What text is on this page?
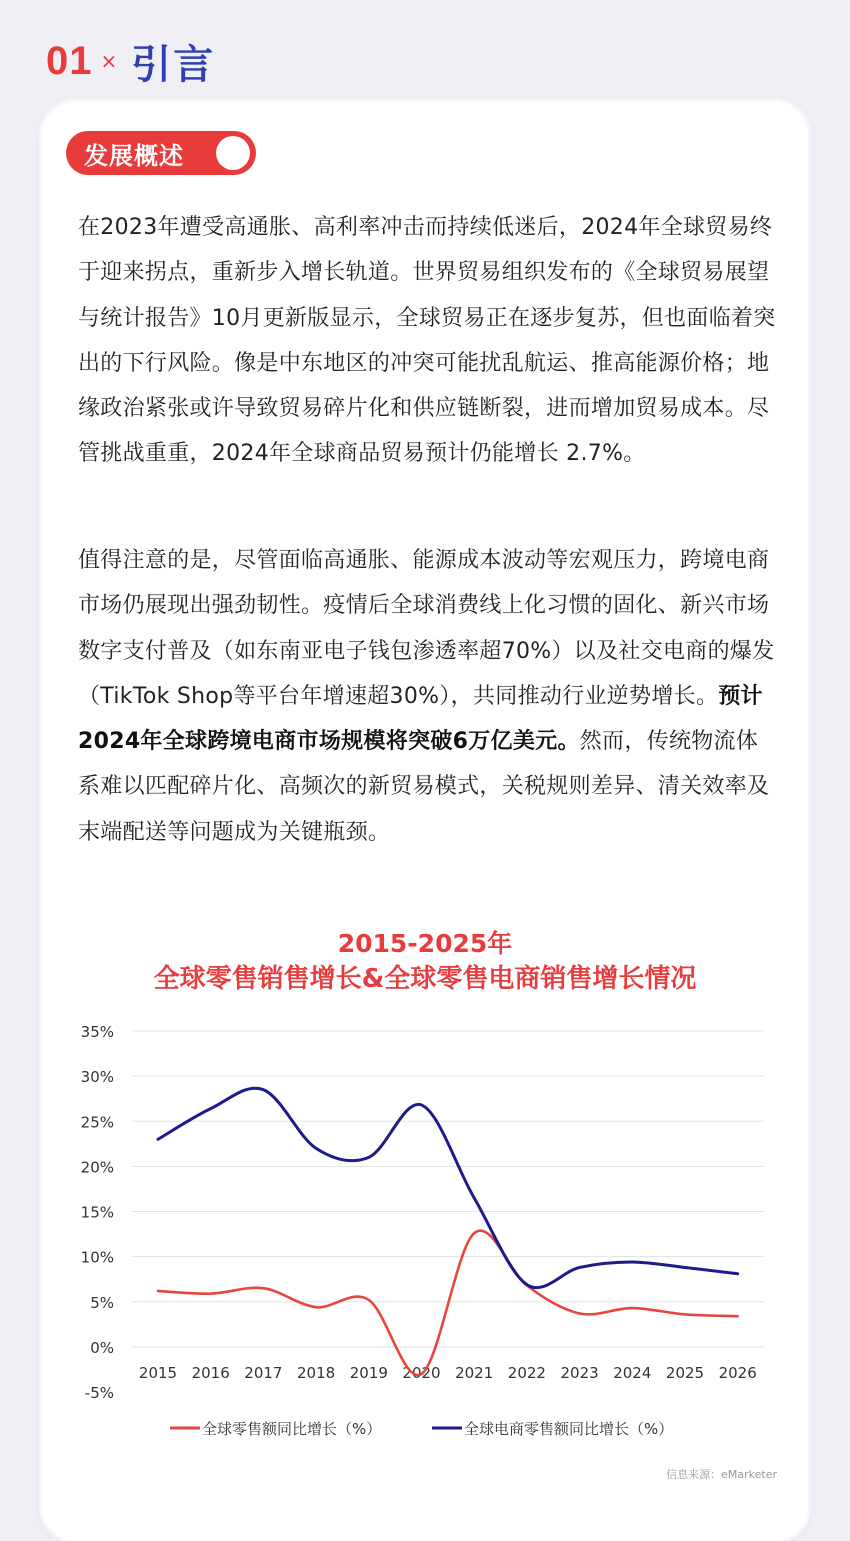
01 × 引言
发展概述

在2023年遭受高通胀、高利率冲击而持续低迷后，2024年全球贸易终于迎来拐点，重新步入增长轨道。世界贸易组织发布的《全球贸易展望与统计报告》10月更新版显示，全球贸易正在逐步复苏，但也面临着突出的下行风险。像是中东地区的冲突可能扰乱航运、推高能源价格；地缘政治紧张或许导致贸易碎片化和供应链断裂，进而增加贸易成本。尽管挑战重重，2024年全球商品贸易预计仍能增长 2.7%。

值得注意的是，尽管面临高通胀、能源成本波动等宏观压力，跨境电商市场仍展现出强劲韧性。疫情后全球消费线上化习惯的固化、新兴市场数字支付普及（如东南亚电子钱包渗透率超70%）以及社交电商的爆发（TikTok Shop等平台年增速超30%），共同推动行业逆势增长。预计2024年全球跨境电商市场规模将突破6万亿美元。然而，传统物流体系难以匹配碎片化、高频次的新贸易模式，关税规则差异、清关效率及末端配送等问题成为关键瓶颈。

2015-2025年
全球零售销售增长&全球零售电商销售增长情况
35%
30%
25%
20%
15%
10%
5%
0%
-5%
2015 2016 2017 2018 2019 2020 2021 2022 2023 2024 2025 2026
全球零售额同比增长（%）	全球电商零售额同比增长（%）
信息来源：eMarketer
